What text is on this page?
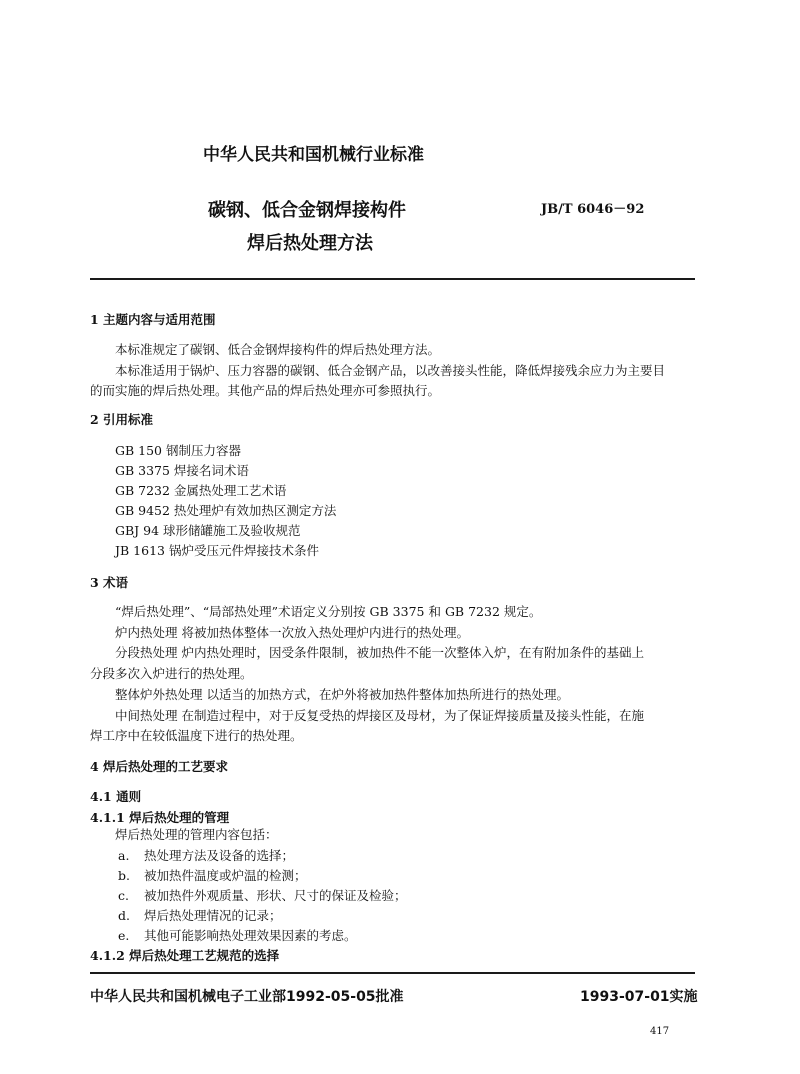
中华人民共和国机械行业标准
碳钢、低合金钢焊接构件	JB/T 6046－92
焊后热处理方法
1 主题内容与适用范围
本标准规定了碳钢、低合金钢焊接构件的焊后热处理方法。
本标准适用于锅炉、压力容器的碳钢、低合金钢产品，以改善接头性能，降低焊接残余应力为主要目
的而实施的焊后热处理。其他产品的焊后热处理亦可参照执行。
2 引用标准
GB 150 钢制压力容器
GB 3375 焊接名词术语
GB 7232 金属热处理工艺术语
GB 9452 热处理炉有效加热区测定方法
GBJ 94 球形储罐施工及验收规范
JB 1613 锅炉受压元件焊接技术条件
3 术语
“焊后热处理”、“局部热处理”术语定义分别按 GB 3375 和 GB 7232 规定。
炉内热处理 将被加热体整体一次放入热处理炉内进行的热处理。
分段热处理 炉内热处理时，因受条件限制，被加热件不能一次整体入炉，在有附加条件的基础上
分段多次入炉进行的热处理。
整体炉外热处理 以适当的加热方式，在炉外将被加热件整体加热所进行的热处理。
中间热处理 在制造过程中，对于反复受热的焊接区及母材，为了保证焊接质量及接头性能，在施
焊工序中在较低温度下进行的热处理。
4 焊后热处理的工艺要求
4.1 通则
4.1.1 焊后热处理的管理
焊后热处理的管理内容包括：
a. 热处理方法及设备的选择；
b. 被加热件温度或炉温的检测；
c. 被加热件外观质量、形状、尺寸的保证及检验；
d. 焊后热处理情况的记录；
e. 其他可能影响热处理效果因素的考虑。
4.1.2 焊后热处理工艺规范的选择
中华人民共和国机械电子工业部1992-05-05批准	1993-07-01实施
417
